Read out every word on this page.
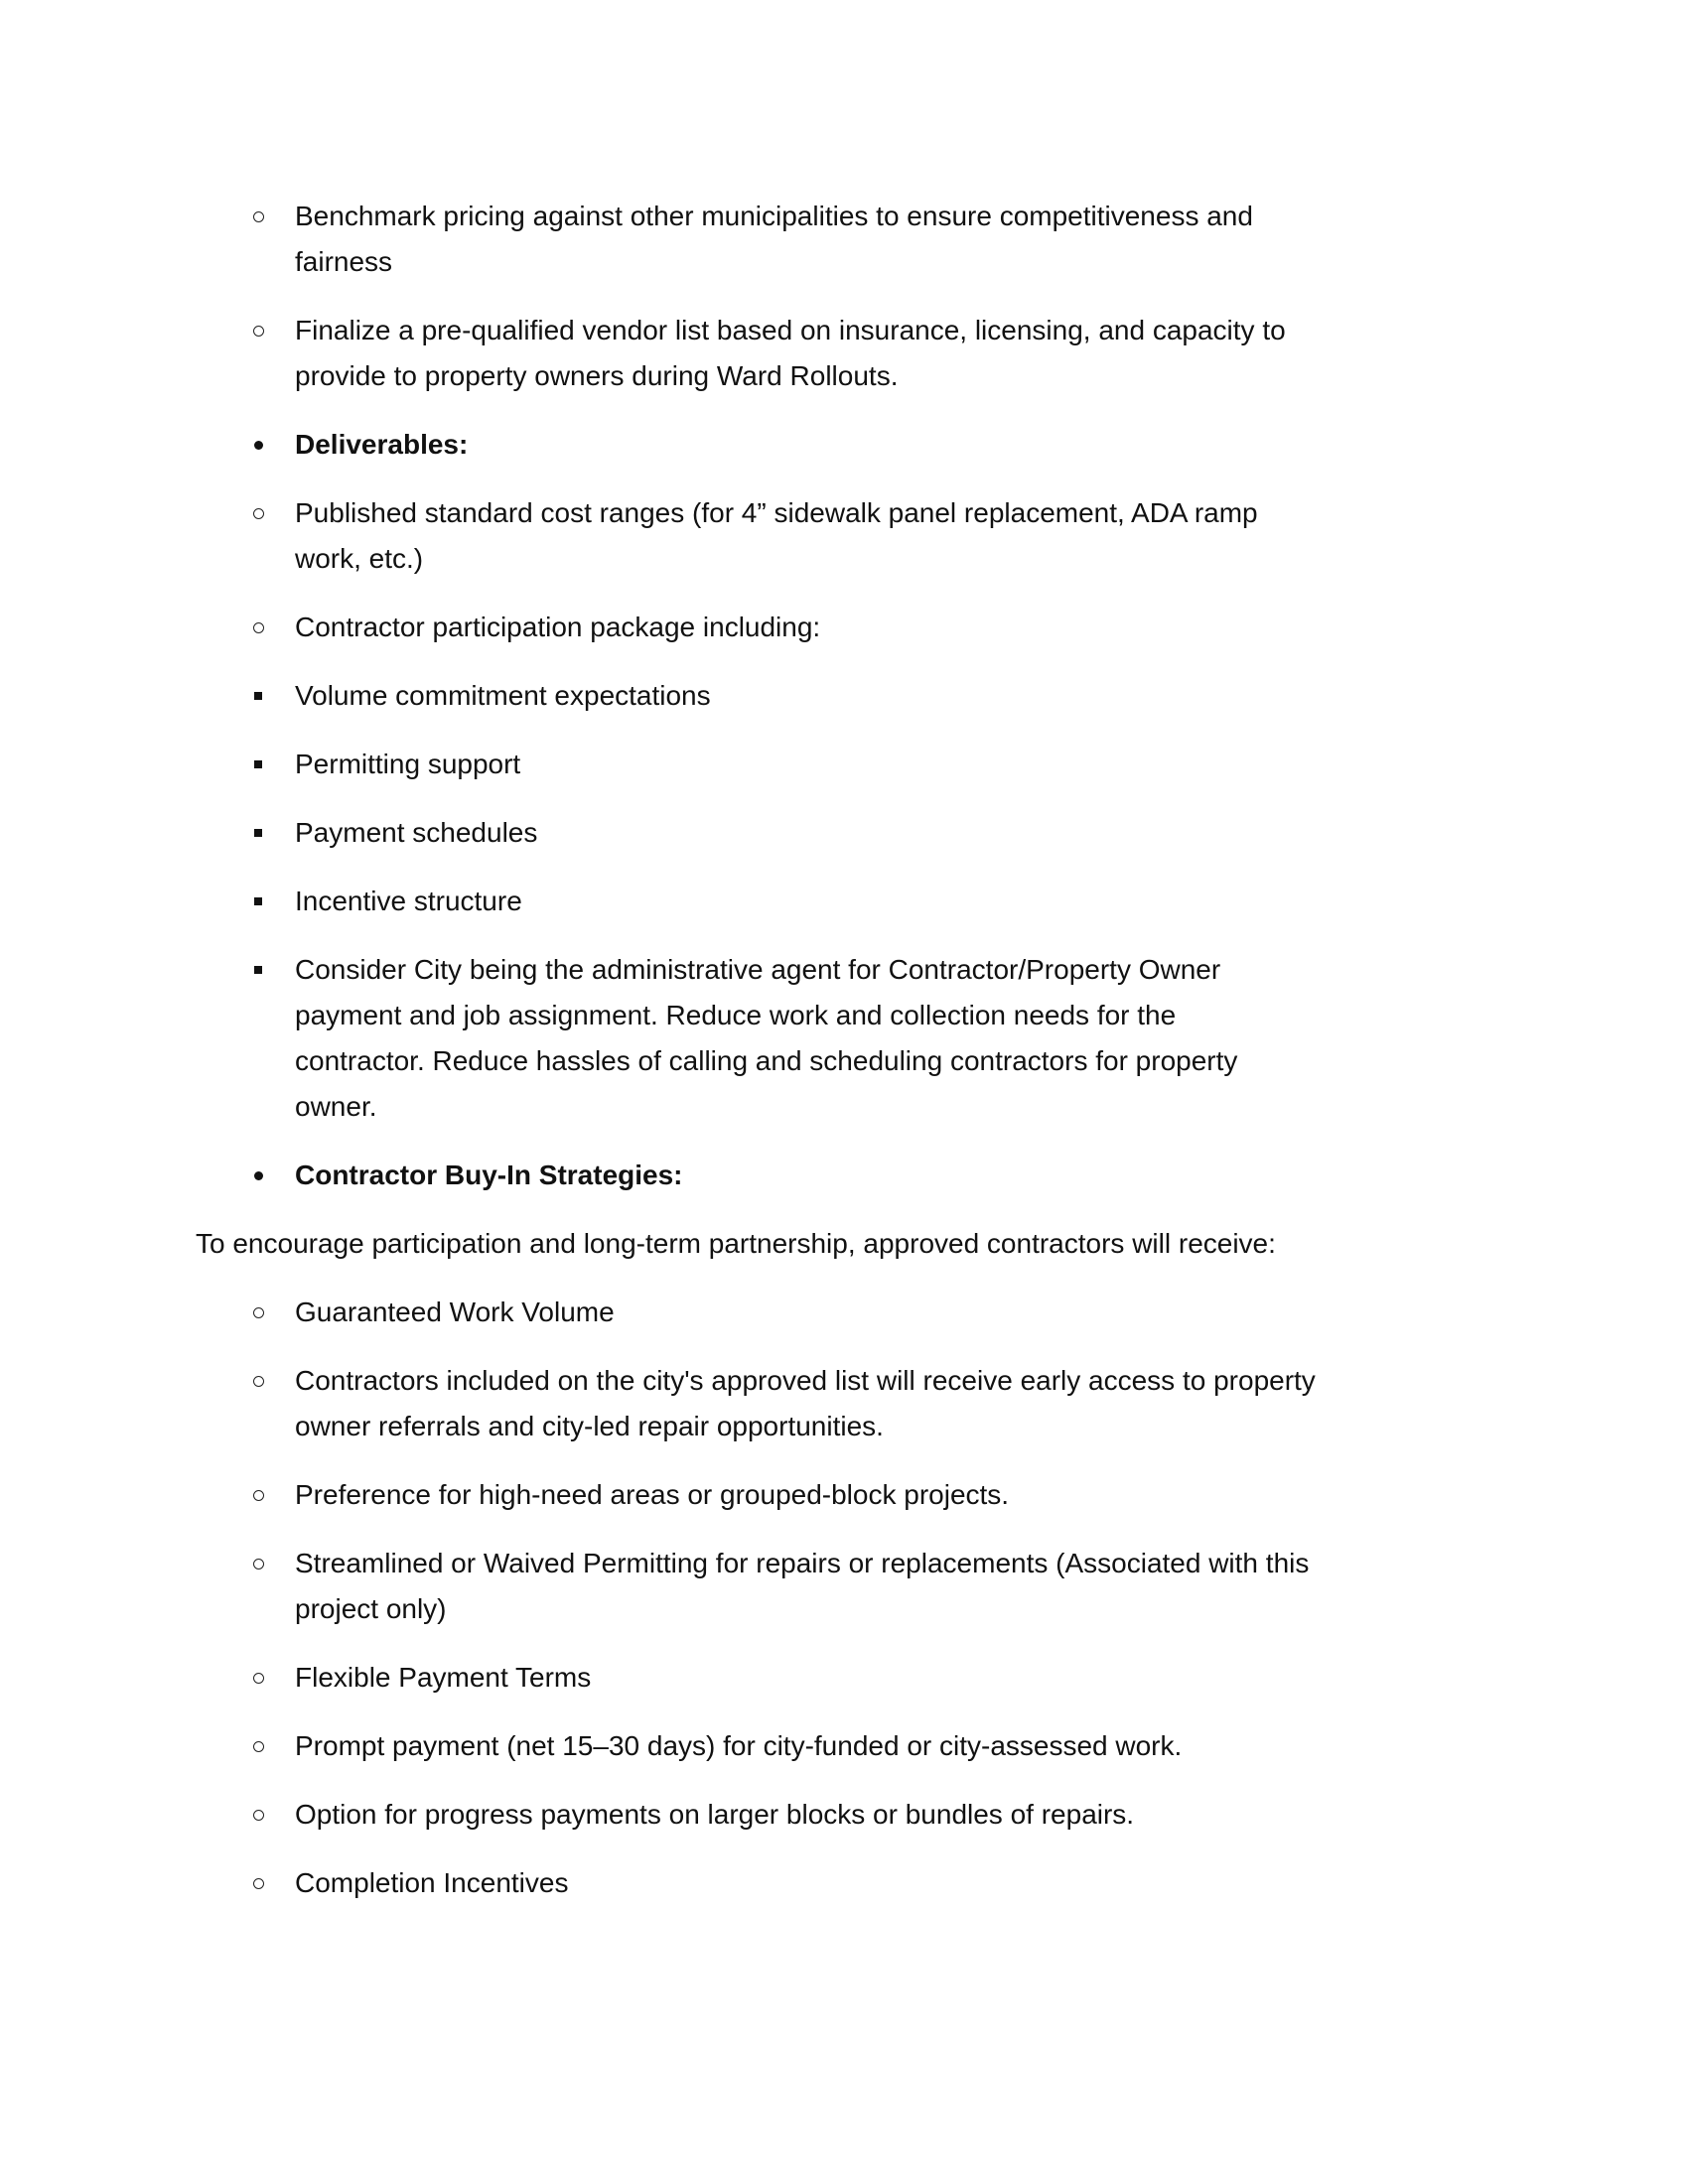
Benchmark pricing against other municipalities to ensure competitiveness and
fairness
Finalize a pre-qualified vendor list based on insurance, licensing, and capacity to
provide to property owners during Ward Rollouts.
Deliverables:
Published standard cost ranges (for 4” sidewalk panel replacement, ADA ramp
work, etc.)
Contractor participation package including:
Volume commitment expectations
Permitting support
Payment schedules
Incentive structure
Consider City being the administrative agent for Contractor/Property Owner
payment and job assignment. Reduce work and collection needs for the
contractor. Reduce hassles of calling and scheduling contractors for property
owner.
Contractor Buy-In Strategies:
To encourage participation and long-term partnership, approved contractors will receive:
Guaranteed Work Volume
Contractors included on the city's approved list will receive early access to property
owner referrals and city-led repair opportunities.
Preference for high-need areas or grouped-block projects.
Streamlined or Waived Permitting for repairs or replacements (Associated with this
project only)
Flexible Payment Terms
Prompt payment (net 15–30 days) for city-funded or city-assessed work.
Option for progress payments on larger blocks or bundles of repairs.
Completion Incentives
